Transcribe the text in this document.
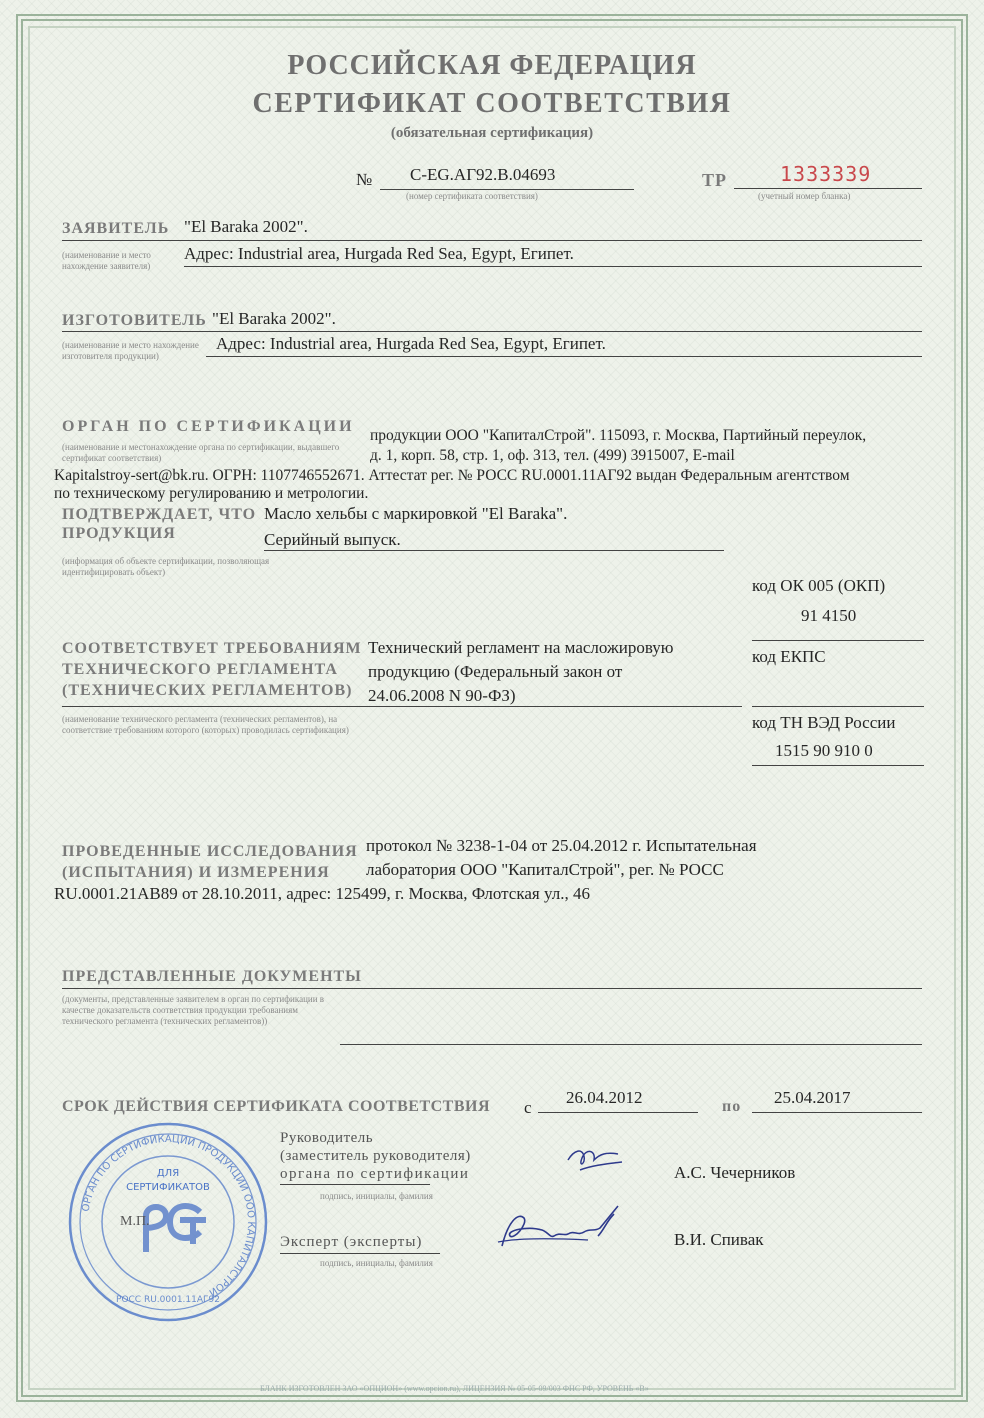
РОССИЙСКАЯ ФЕДЕРАЦИЯ
СЕРТИФИКАТ СООТВЕТСТВИЯ
(обязательная сертификация)
№ C-EG.AГ92.B.04693
(номер сертификата соответствия)
ТР	1333339
(учетный номер бланка)
ЗАЯВИТЕЛЬ "El Baraka 2002".
(наименование и место нахождение заявителя)
Адрес: Industrial area, Hurgada Red Sea, Egypt, Египет.
ИЗГОТОВИТЕЛЬ "El Baraka 2002".
(наименование и место нахождение изготовителя продукции)
Адрес: Industrial area, Hurgada Red Sea, Egypt, Египет.
ОРГАН ПО СЕРТИФИКАЦИИ
(наименование и местонахождение органа по сертификации, выдавшего сертификат соответствия)
продукции ООО "КапиталСтрой". 115093, г. Москва, Партийный переулок,
д. 1, корп. 58, стр. 1, оф. 313, тел. (499) 3915007, E-mail
Kapitalstroy-sert@bk.ru. ОГРН: 1107746552671. Аттестат рег. № РОСС RU.0001.11АГ92 выдан Федеральным агентством
по техническому регулированию и метрологии.
ПОДТВЕРЖДАЕТ, ЧТО
ПРОДУКЦИЯ
Масло хельбы с маркировкой "El Baraka".
Серийный выпуск.
(информация об объекте сертификации, позволяющая идентифицировать объект)
код ОК 005 (ОКП)
91 4150
код ЕКПС
код ТН ВЭД России
1515 90 910 0
СООТВЕТСТВУЕТ ТРЕБОВАНИЯМ
ТЕХНИЧЕСКОГО РЕГЛАМЕНТА
(ТЕХНИЧЕСКИХ РЕГЛАМЕНТОВ)
Технический регламент на масложировую
продукцию (Федеральный закон от
24.06.2008 N 90-ФЗ)
(наименование технического регламента (технических регламентов), на соответствие требованиям которого (которых) проводилась сертификация)
ПРОВЕДЕННЫЕ ИССЛЕДОВАНИЯ
(ИСПЫТАНИЯ) И ИЗМЕРЕНИЯ
протокол № 3238-1-04 от 25.04.2012 г. Испытательная
лаборатория ООО "КапиталСтрой", рег. № РОСС
RU.0001.21АВ89 от 28.10.2011, адрес: 125499, г. Москва, Флотская ул., 46
ПРЕДСТАВЛЕННЫЕ ДОКУМЕНТЫ
(документы, представленные заявителем в орган по сертификации в качестве доказательств соответствия продукции требованиям технического регламента (технических регламентов))
СРОК ДЕЙСТВИЯ СЕРТИФИКАТА СООТВЕТСТВИЯ с
26.04.2012	по 25.04.2017
Руководитель
(заместитель руководителя)
органа по сертификации
подпись, инициалы, фамилия
А.С. Чечерников
Эксперт (эксперты)
подпись, инициалы, фамилия
В.И. Спивак
ОРГАН ПО СЕРТИФИКАЦИИ ПРОДУКЦИИ ООО КАПИТАЛСТРОЙ
ДЛЯ
СЕРТИФИКАТОВ
РОСС RU.0001.11АГ92
М.П.
БЛАНК ИЗГОТОВЛЕН ЗАО «ОПЦИОН» (www.opcion.ru), ЛИЦЕНЗИЯ № 05-05-09/003 ФНС РФ, УРОВЕНЬ «В»
